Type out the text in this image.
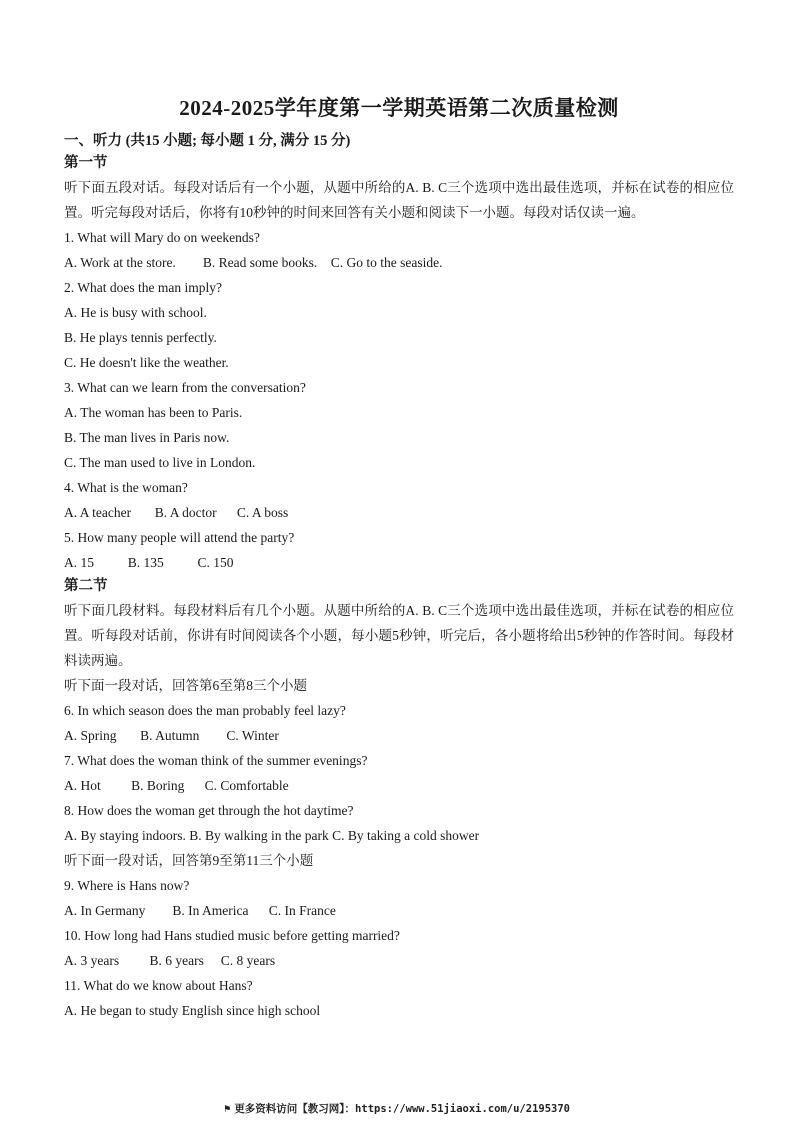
2024-2025学年度第一学期英语第二次质量检测
一、听力 (共15 小题; 每小题 1 分, 满分 15 分)
第一节
听下面五段对话。每段对话后有一个小题，从题中所给的A. B. C三个选项中选出最佳选项，并标在试卷的相应位置。听完每段对话后，你将有10秒钟的时间来回答有关小题和阅读下一小题。每段对话仅读一遍。
1. What will Mary do on weekends?
A. Work at the store.        B. Read some books.    C. Go to the seaside.
2. What does the man imply?
A. He is busy with school.
B. He plays tennis perfectly.
C. He doesn't like the weather.
3. What can we learn from the conversation?
A. The woman has been to Paris.
B. The man lives in Paris now.
C. The man used to live in London.
4. What is the woman?
A. A teacher       B. A doctor      C. A boss
5. How many people will attend the party?
A. 15          B. 135          C. 150
第二节
听下面几段材料。每段材料后有几个小题。从题中所给的A. B. C三个选项中选出最佳选项，并标在试卷的相应位置。听每段对话前，你讲有时间阅读各个小题，每小题5秒钟，听完后，各小题将给出5秒钟的作答时间。每段材料读两遍。
听下面一段对话，回答第6至第8三个小题
6. In which season does the man probably feel lazy?
A. Spring       B. Autumn        C. Winter
7. What does the woman think of the summer evenings?
A. Hot         B. Boring      C. Comfortable
8. How does the woman get through the hot daytime?
A. By staying indoors. B. By walking in the park C. By taking a cold shower
听下面一段对话，回答第9至第11三个小题
9. Where is Hans now?
A. In Germany        B. In America      C. In France
10. How long had Hans studied music before getting married?
A. 3 years         B. 6 years     C. 8 years
11. What do we know about Hans?
A. He began to study English since high school
⚑ 更多资料访问【教习网】：https://www.51jiaoxi.com/u/2195370
